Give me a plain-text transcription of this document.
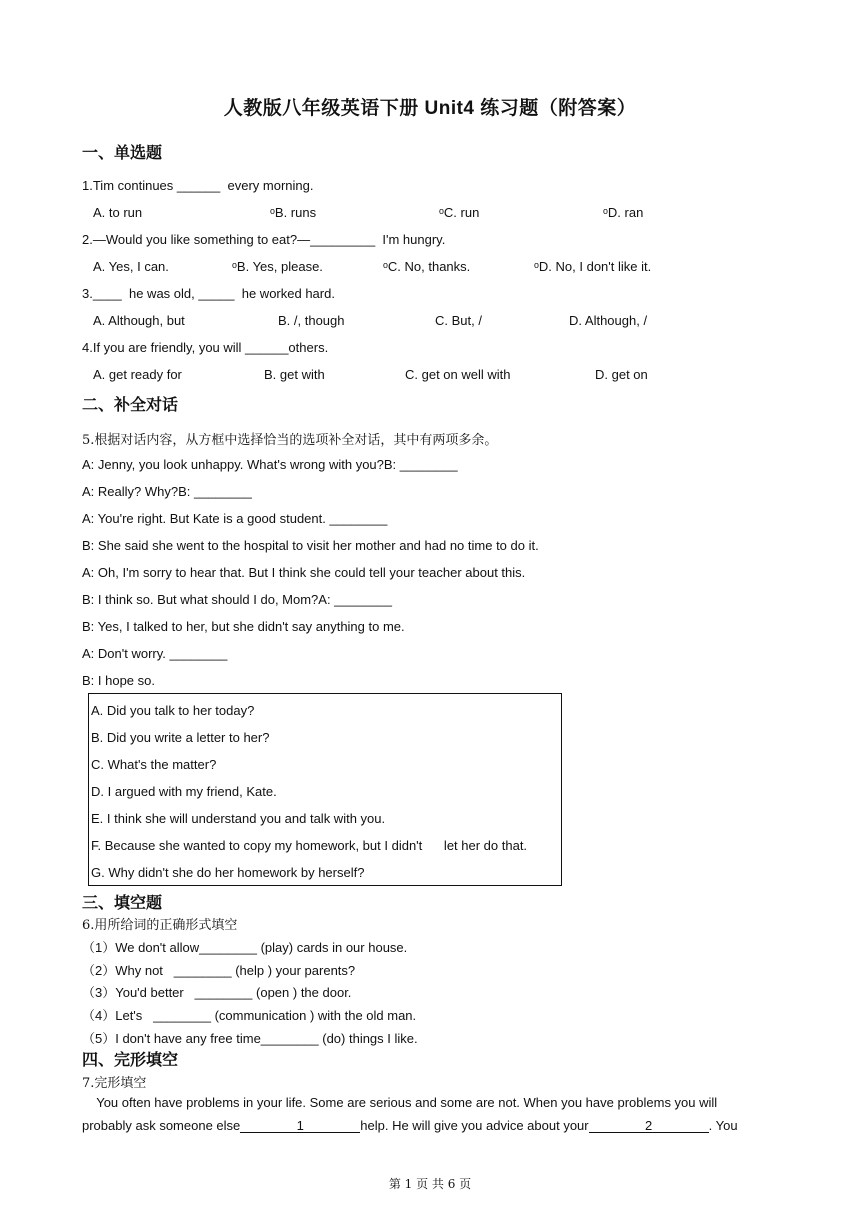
人教版八年级英语下册 Unit4 练习题（附答案）
一、单选题
1.Tim continues ______  every morning.
A. to run	ᵒB. runs	ᵒC. run	ᵒD. ran
2.—Would you like something to eat?—_________  I'm hungry.
A. Yes, I can.	ᵒB. Yes, please.	ᵒC. No, thanks.	ᵒD. No, I don't like it.
3.____  he was old, _____  he worked hard.
A. Although, but	B. /, though	C. But, /	D. Although, /
4.If you are friendly, you will ______others.
A. get ready for	B. get with	C. get on well with	D. get on
二、补全对话
5.根据对话内容，从方框中选择恰当的选项补全对话，其中有两项多余。
A: Jenny, you look unhappy. What's wrong with you?B: ________
A: Really? Why?B: ________
A: You're right. But Kate is a good student. ________
B: She said she went to the hospital to visit her mother and had no time to do it.
A: Oh, I'm sorry to hear that. But I think she could tell your teacher about this.
B: I think so. But what should I do, Mom?A: ________
B: Yes, I talked to her, but she didn't say anything to me.
A: Don't worry. ________
B: I hope so.
A. Did you talk to her today?
B. Did you write a letter to her?
C. What's the matter?
D. I argued with my friend, Kate.
E. I think she will understand you and talk with you.
F. Because she wanted to copy my homework, but I didn't      let her do that.
G. Why didn't she do her homework by herself?
三、填空题
6.用所给词的正确形式填空
（1）We don't allow________ (play) cards in our house.
（2）Why not   ________ (help ) your parents?
（3）You'd better   ________ (open ) the door.
（4）Let's   ________ (communication ) with the old man.
（5）I don't have any free time________ (do) things I like.
四、完形填空
7.完形填空
You often have problems in your life. Some are serious and some are not. When you have problems you will
probably ask someone else	1	help. He will give you advice about your	2	. You
第 1 页 共 6 页
